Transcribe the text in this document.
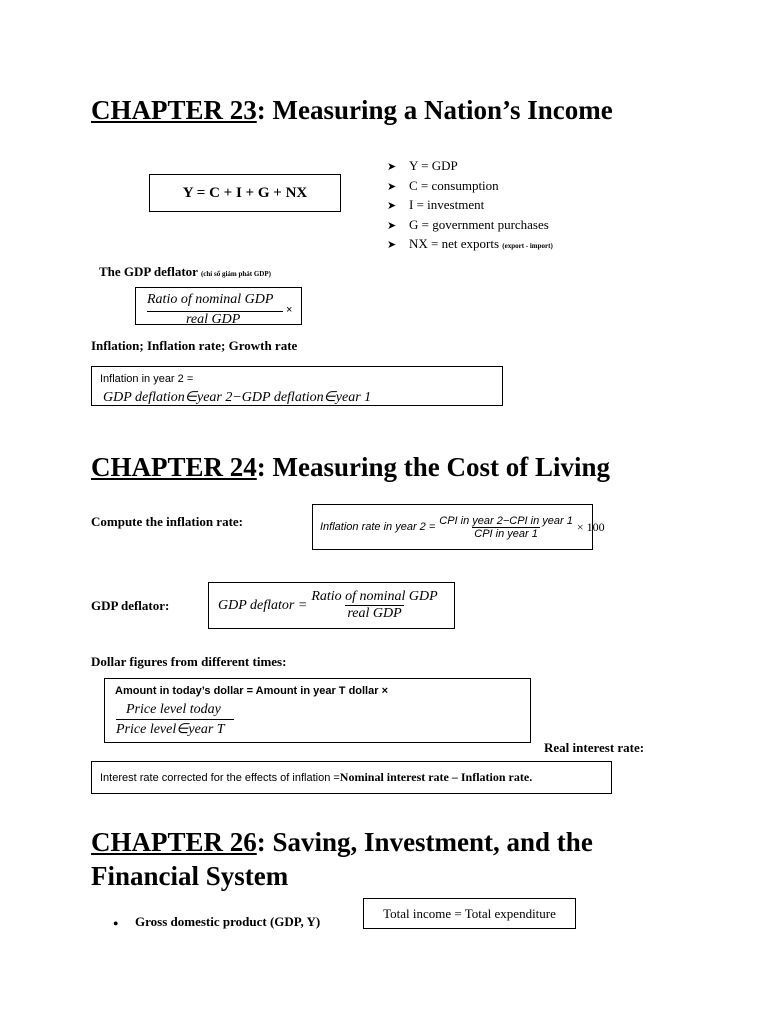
CHAPTER 23: Measuring a Nation’s Income
Y = C + I + G + NX
➤ Y = GDP
➤ C = consumption
➤ I = investment
➤ G = government purchases
➤ NX = net exports (export - import)
The GDP deflator (chỉ số giảm phát GDP)
Ratio of nominal GDP
real GDP
×
Inflation; Inflation rate; Growth rate
Inflation in year 2 =
GDP deflation∈year 2−GDP deflation∈year 1
CHAPTER 24: Measuring the Cost of Living
Compute the inflation rate:	Inflation rate in year $2 = \frac{\text{CPI in year 2−CPI in year 1}}{\text{CPI in year 1}} \times 100$
GDP deflator:	GDP deflator = $\frac{\text{Ratio of nominal GDP}}{\text{real GDP}}$
Dollar figures from different times:
Amount in today’s dollar = Amount in year T dollar ×
Price level today
Price level∈year T
Real interest rate:
Interest rate corrected for the effects of inflation = Nominal interest rate – Inflation rate.
CHAPTER 26: Saving, Investment, and the
Financial System
● Gross domestic product (GDP, Y)
Total income = Total expenditure
